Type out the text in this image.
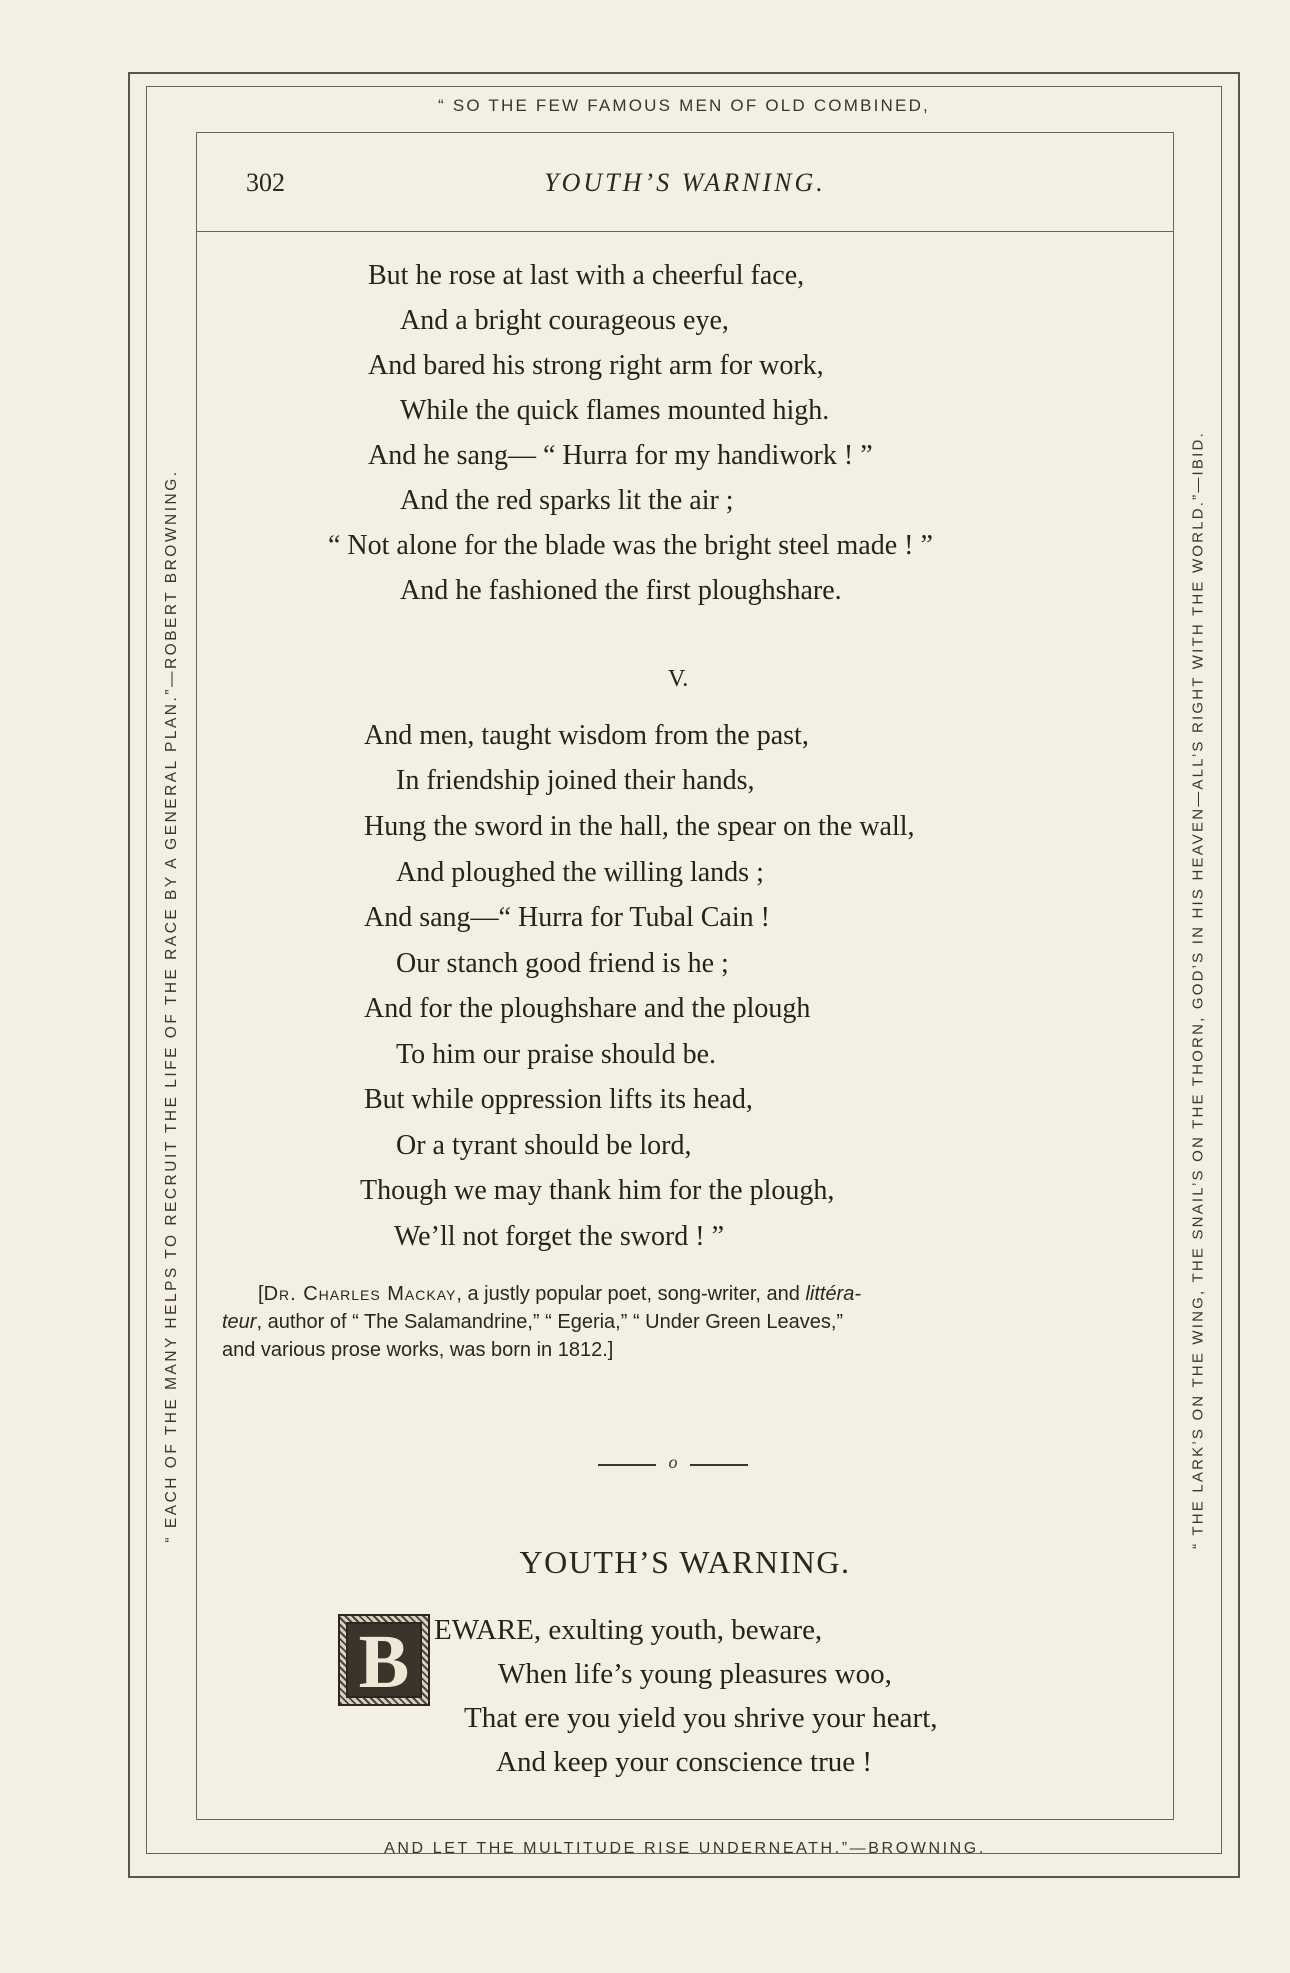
“ SO THE FEW FAMOUS MEN OF OLD COMBINED,
AND LET THE MULTITUDE RISE UNDERNEATH.”—BROWNING.
“ EACH OF THE MANY HELPS TO RECRUIT THE LIFE OF THE RACE BY A GENERAL PLAN.”—ROBERT BROWNING.	“ THE LARK’S ON THE WING, THE SNAIL’S ON THE THORN, GOD’S IN HIS HEAVEN—ALL’S RIGHT WITH THE WORLD.”—IBID.
302	YOUTH’S WARNING.
But he rose at last with a cheerful face,
And a bright courageous eye,
And bared his strong right arm for work,
While the quick flames mounted high.
And he sang— “ Hurra for my handiwork ! ”
And the red sparks lit the air ;
“ Not alone for the blade was the bright steel made ! ”
And he fashioned the first ploughshare.
V.
And men, taught wisdom from the past,
In friendship joined their hands,
Hung the sword in the hall, the spear on the wall,
And ploughed the willing lands ;
And sang—“ Hurra for Tubal Cain !
Our stanch good friend is he ;
And for the ploughshare and the plough
To him our praise should be.
But while oppression lifts its head,
Or a tyrant should be lord,
Though we may thank him for the plough,
We’ll not forget the sword ! ”
[Dr. Charles Mackay, a justly popular poet, song-writer, and littéra-
teur, author of “ The Salamandrine,” “ Egeria,” “ Under Green Leaves,”
and various prose works, was born in 1812.]
o
YOUTH’S WARNING.
B EWARE, exulting youth, beware,
When life’s young pleasures woo,
That ere you yield you shrive your heart,
And keep your conscience true !
